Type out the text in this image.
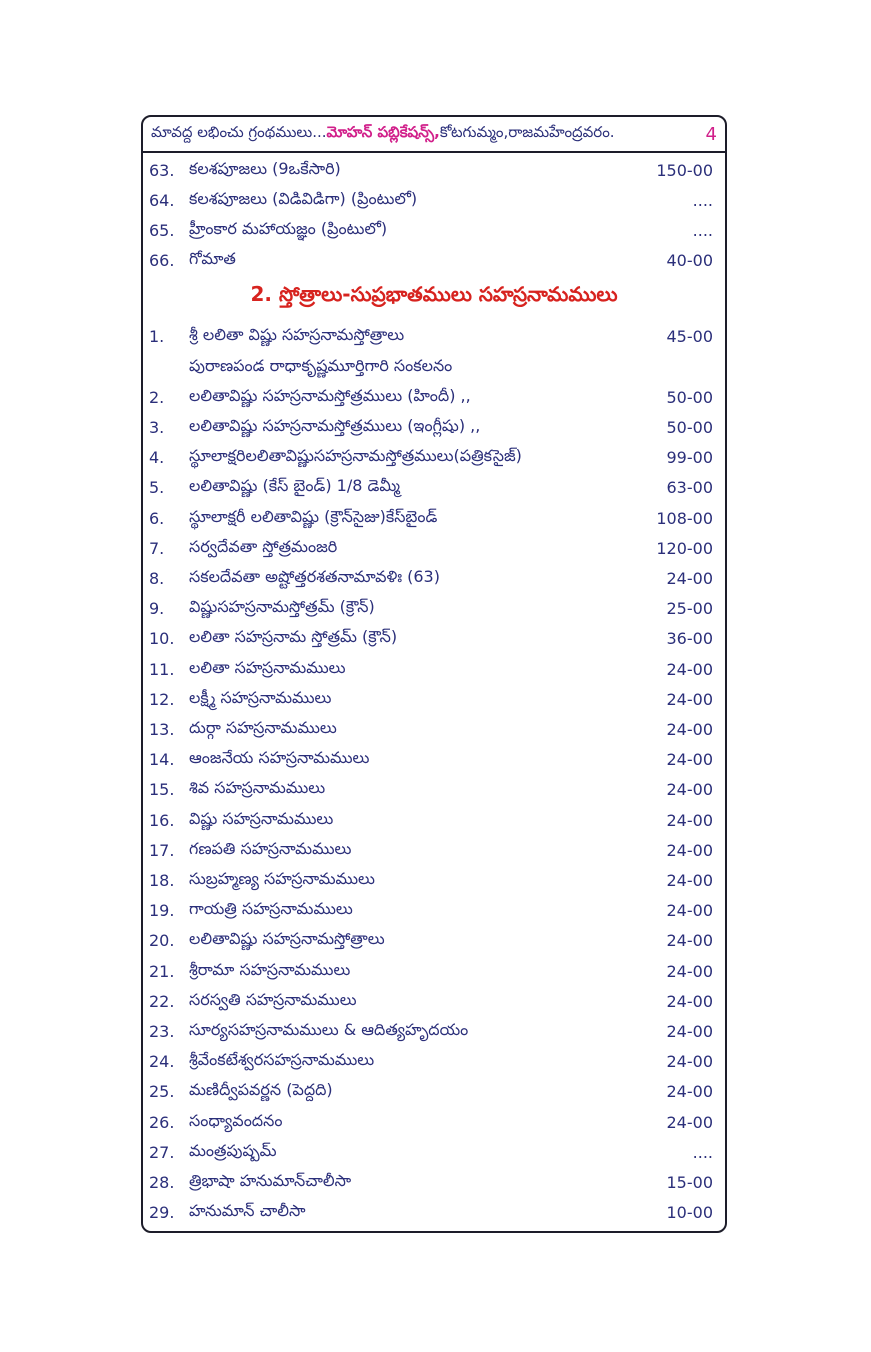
మావద్ద లభించు గ్రంథములు... మోహన్ పబ్లికేషన్స్, కోటగుమ్మం,రాజమహేంద్రవరం.	4
63. కలశపూజలు (9ఒకేసారి)	150-00
64. కలశపూజలు (విడివిడిగా) (ప్రింటులో)	....
65. హ్రీంకార మహాయజ్ఞం (ప్రింటులో)	....
66. గోమాత	40-00
2. స్తోత్రాలు-సుప్రభాతములు సహస్రనామములు
1.	శ్రీ లలితా విష్ణు సహస్రనామస్తోత్రాలు	45-00
పురాణపండ రాధాకృష్ణమూర్తిగారి సంకలనం
2.	లలితావిష్ణు సహస్రనామస్తోత్రములు (హిందీ) ,,	50-00
3.	లలితావిష్ణు సహస్రనామస్తోత్రములు (ఇంగ్లీషు) ,,	50-00
4.	స్థూలాక్షరిలలితావిష్ణుసహస్రనామస్తోత్రములు(పత్రికసైజ్)	99-00
5.	లలితావిష్ణు (కేస్ బైండ్) 1/8 డెమ్మీ	63-00
6.	స్థూలాక్షరీ లలితావిష్ణు (క్రౌన్‌సైజు)కేస్‌బైండ్	108-00
7.	సర్వదేవతా స్తోత్రమంజరి	120-00
8.	సకలదేవతా అష్టోత్తరశతనామావళిః (63)	24-00
9.	విష్ణుసహస్రనామస్తోత్రమ్ (క్రౌన్)	25-00
10. లలితా సహస్రనామ స్తోత్రమ్ (క్రౌన్)	36-00
11. లలితా సహస్రనామములు	24-00
12. లక్ష్మీ సహస్రనామములు	24-00
13. దుర్గా సహస్రనామములు	24-00
14. ఆంజనేయ సహస్రనామములు	24-00
15. శివ సహస్రనామములు	24-00
16. విష్ణు సహస్రనామములు	24-00
17. గణపతి సహస్రనామములు	24-00
18. సుబ్రహ్మణ్య సహస్రనామములు	24-00
19. గాయత్రి సహస్రనామములు	24-00
20. లలితావిష్ణు సహస్రనామస్తోత్రాలు	24-00
21. శ్రీరామా సహస్రనామములు	24-00
22. సరస్వతి సహస్రనామములు	24-00
23. సూర్యసహస్రనామములు & ఆదిత్యహృదయం	24-00
24. శ్రీవేంకటేశ్వరసహస్రనామములు	24-00
25. మణిద్వీపవర్ణన (పెద్దది)	24-00
26. సంధ్యావందనం	24-00
27. మంత్రపుష్పమ్	....
28. త్రిభాషా హనుమాన్‌చాలీసా	15-00
29. హనుమాన్ చాలీసా	10-00
